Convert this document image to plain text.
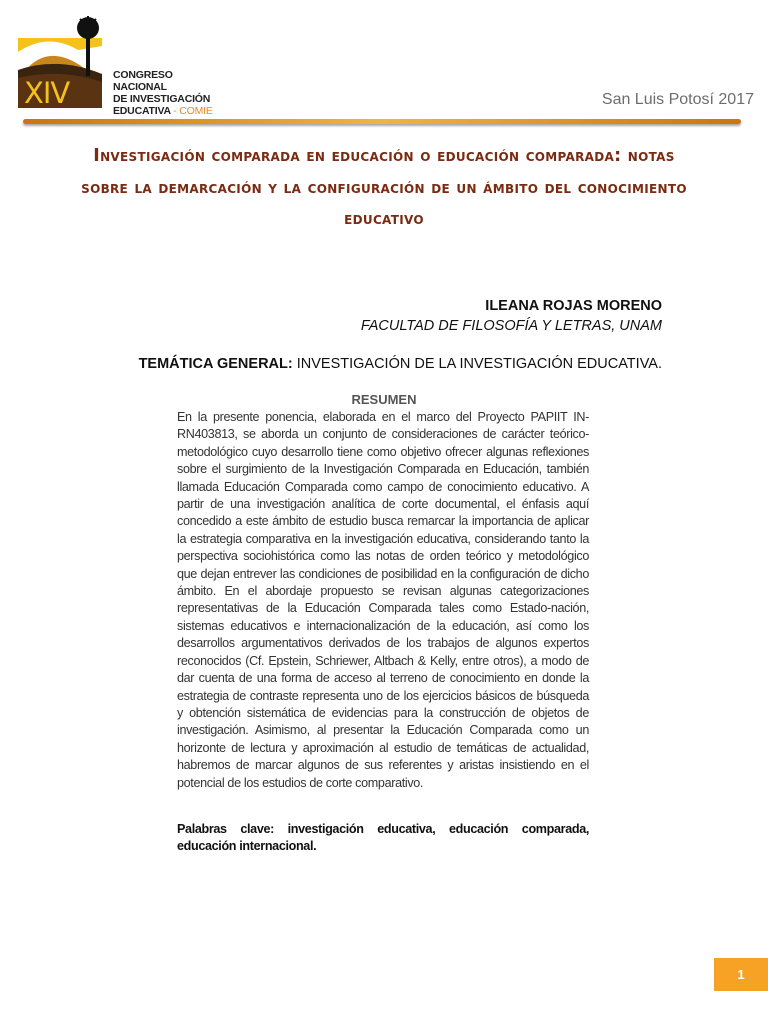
XIV
CONGRESO NACIONAL
DE INVESTIGACIÓN
EDUCATIVA - COMIE
San Luis Potosí 2017
Investigación comparada en educación o educación comparada: notas sobre la demarcación y la configuración de un ámbito del conocimiento educativo
ILEANA ROJAS MORENO
FACULTAD DE FILOSOFÍA Y LETRAS, UNAM
TEMÁTICA GENERAL: INVESTIGACIÓN DE LA INVESTIGACIÓN EDUCATIVA.
RESUMEN
En la presente ponencia, elaborada en el marco del Proyecto PAPIIT IN-RN403813, se aborda un conjunto de consideraciones de carácter teórico-metodológico cuyo desarrollo tiene como objetivo ofrecer algunas reflexiones sobre el surgimiento de la Investigación Comparada en Educación, también llamada Educación Comparada como campo de conocimiento educativo. A partir de una investigación analítica de corte documental, el énfasis aquí concedido a este ámbito de estudio busca remarcar la importancia de aplicar la estrategia comparativa en la investigación educativa, considerando tanto la perspectiva sociohistórica como las notas de orden teórico y metodológico que dejan entrever las condiciones de posibilidad en la configuración de dicho ámbito. En el abordaje propuesto se revisan algunas categorizaciones representativas de la Educación Comparada tales como Estado-nación, sistemas educativos e internacionalización de la educación, así como los desarrollos argumentativos derivados de los trabajos de algunos expertos reconocidos (Cf. Epstein, Schriewer, Altbach & Kelly, entre otros), a modo de dar cuenta de una forma de acceso al terreno de conocimiento en donde la estrategia de contraste representa uno de los ejercicios básicos de búsqueda y obtención sistemática de evidencias para la construcción de objetos de investigación. Asimismo, al presentar la Educación Comparada como un horizonte de lectura y aproximación al estudio de temáticas de actualidad, habremos de marcar algunos de sus referentes y aristas insistiendo en el potencial de los estudios de corte comparativo.
Palabras clave: investigación educativa, educación comparada, educación internacional.
1
